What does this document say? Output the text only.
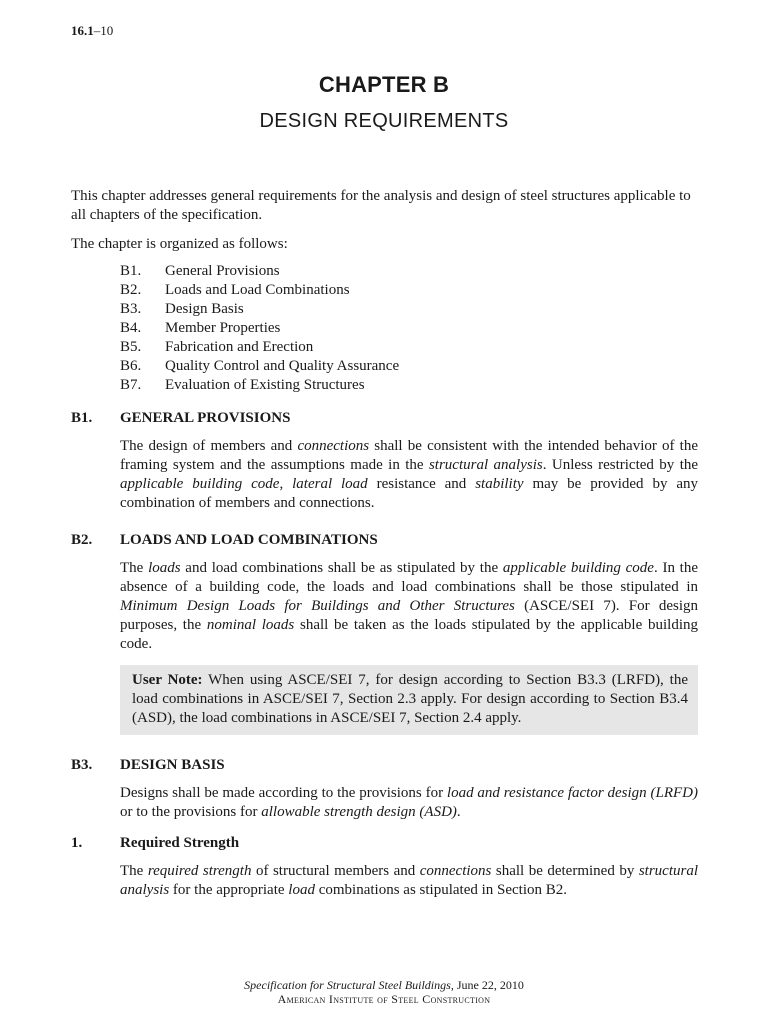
16.1–10
CHAPTER B
DESIGN REQUIREMENTS

This chapter addresses general requirements for the analysis and design of steel structures applicable to all chapters of the specification.

The chapter is organized as follows:

B1. General Provisions
B2. Loads and Load Combinations
B3. Design Basis
B4. Member Properties
B5. Fabrication and Erection
B6. Quality Control and Quality Assurance
B7. Evaluation of Existing Structures
B1. GENERAL PROVISIONS

The design of members and connections shall be consistent with the intended behavior of the framing system and the assumptions made in the structural analysis. Unless restricted by the applicable building code, lateral load resistance and stability may be provided by any combination of members and connections.

B2. LOADS AND LOAD COMBINATIONS

The loads and load combinations shall be as stipulated by the applicable building code. In the absence of a building code, the loads and load combinations shall be those stipulated in Minimum Design Loads for Buildings and Other Structures (ASCE/SEI 7). For design purposes, the nominal loads shall be taken as the loads stipulated by the applicable building code.

User Note: When using ASCE/SEI 7, for design according to Section B3.3 (LRFD), the load combinations in ASCE/SEI 7, Section 2.3 apply. For design according to Section B3.4 (ASD), the load combinations in ASCE/SEI 7, Section 2.4 apply.
B3. DESIGN BASIS

Designs shall be made according to the provisions for load and resistance factor design (LRFD) or to the provisions for allowable strength design (ASD).

1.	Required Strength

The required strength of structural members and connections shall be determined by structural analysis for the appropriate load combinations as stipulated in Section B2.

Specification for Structural Steel Buildings, June 22, 2010
American Institute of Steel Construction
